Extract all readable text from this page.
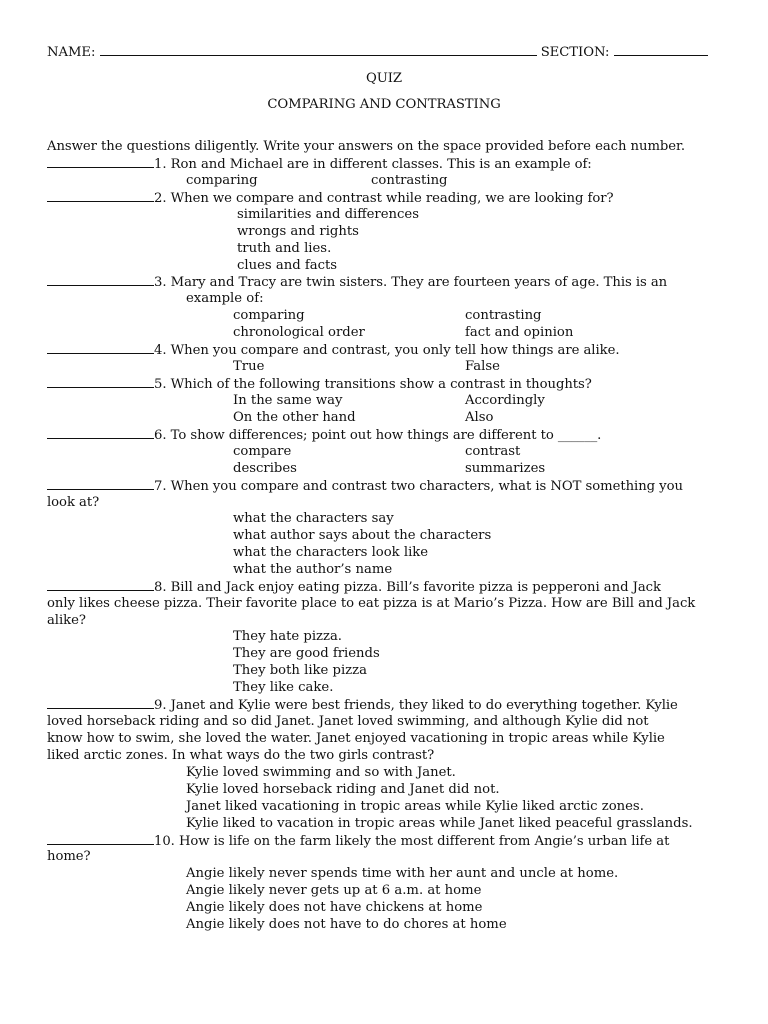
NAME:	SECTION:
QUIZ
COMPARING AND CONTRASTING
Answer the questions diligently. Write your answers on the space provided before each number.
1. Ron and Michael are in different classes. This is an example of:
comparing	contrasting
2. When we compare and contrast while reading, we are looking for?
similarities and differences
wrongs and rights
truth and lies.
clues and facts
3. Mary and Tracy are twin sisters. They are fourteen years of age. This is an
example of:
comparing	contrasting
chronological order	fact and opinion
4. When you compare and contrast, you only tell how things are alike.
True	False
5. Which of the following transitions show a contrast in thoughts?
In the same way	Accordingly
On the other hand	Also
6. To show differences; point out how things are different to ______.
compare	contrast
describes	summarizes
7. When you compare and contrast two characters, what is NOT something you
look at?
what the characters say
what author says about the characters
what the characters look like
what the author’s name
8. Bill and Jack enjoy eating pizza. Bill’s favorite pizza is pepperoni and Jack
only likes cheese pizza. Their favorite place to eat pizza is at Mario’s Pizza. How are Bill and Jack
alike?
They hate pizza.
They are good friends
They both like pizza
They like cake.
9. Janet and Kylie were best friends, they liked to do everything together. Kylie
loved horseback riding and so did Janet. Janet loved swimming, and although Kylie did not
know how to swim, she loved the water. Janet enjoyed vacationing in tropic areas while Kylie
liked arctic zones. In what ways do the two girls contrast?
Kylie loved swimming and so with Janet.
Kylie loved horseback riding and Janet did not.
Janet liked vacationing in tropic areas while Kylie liked arctic zones.
Kylie liked to vacation in tropic areas while Janet liked peaceful grasslands.
10. How is life on the farm likely the most different from Angie’s urban life at
home?
Angie likely never spends time with her aunt and uncle at home.
Angie likely never gets up at 6 a.m. at home
Angie likely does not have chickens at home
Angie likely does not have to do chores at home
